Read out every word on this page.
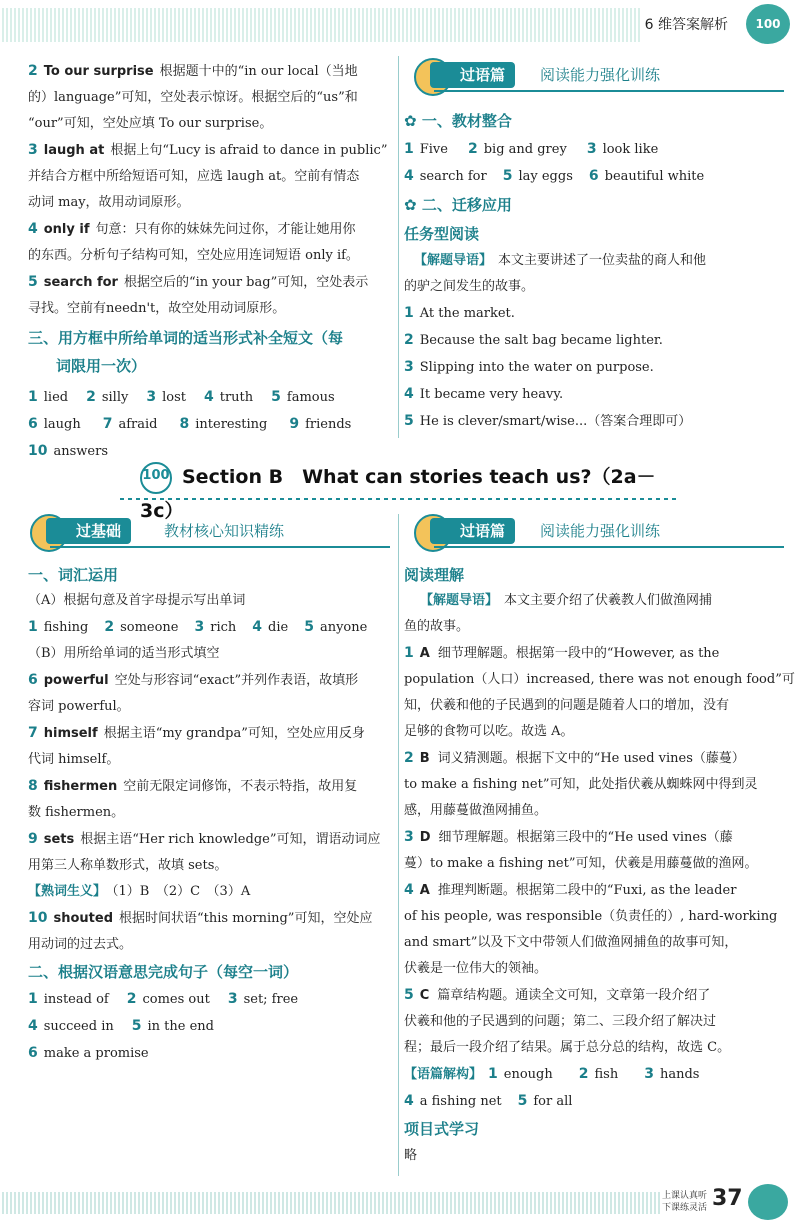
6 维答案解析	100
2 To our surprise 根据题十中的“in our local（当地
的）language”可知，空处表示惊讶。根据空后的“us”和
“our”可知，空处应填 To our surprise。
3 laugh at 根据上句“Lucy is afraid to dance in public”
并结合方框中所给短语可知，应选 laugh at。空前有情态
动词 may，故用动词原形。
4 only if 句意：只有你的妹妹先问过你，才能让她用你
的东西。分析句子结构可知，空处应用连词短语 only if。
5 search for 根据空后的“in your bag”可知，空处表示
寻找。空前有needn't，故空处用动词原形。
三、用方框中所给单词的适当形式补全短文（每
词限用一次）
1 lied 2 silly 3 lost 4 truth 5 famous
6 laugh 7 afraid 8 interesting 9 friends
10 answers
过语篇	阅读能力强化训练
✿ 一、教材整合
1 Five 2 big and grey 3 look like
4 search for 5 lay eggs 6 beautiful white
✿ 二、迁移应用
任务型阅读
【解题导语】 本文主要讲述了一位卖盐的商人和他
的驴之间发生的故事。
1 At the market.
2 Because the salt bag became lighter.
3 Slipping into the water on purpose.
4 It became very heavy.
5 He is clever/smart/wise...（答案合理即可）
100 Section B　What can stories teach us?（2a－3c）
过基础	教材核心知识精练
一、词汇运用
（A）根据句意及首字母提示写出单词
1 fishing 2 someone 3 rich 4 die 5 anyone
（B）用所给单词的适当形式填空
6 powerful 空处与形容词“exact”并列作表语，故填形
容词 powerful。
7 himself 根据主语“my grandpa”可知，空处应用反身
代词 himself。
8 fishermen 空前无限定词修饰，不表示特指，故用复
数 fishermen。
9 sets 根据主语“Her rich knowledge”可知，谓语动词应
用第三人称单数形式，故填 sets。
【熟词生义】 （1）B　（2）C　（3）A
10 shouted 根据时间状语“this morning”可知，空处应
用动词的过去式。
二、根据汉语意思完成句子（每空一词）
1 instead of 2 comes out 3 set; free
4 succeed in 5 in the end
6 make a promise
过语篇	阅读能力强化训练
阅读理解
【解题导语】 本文主要介绍了伏羲教人们做渔网捕
鱼的故事。
1 A 细节理解题。根据第一段中的“However, as the
population（人口）increased, there was not enough food”可
知，伏羲和他的子民遇到的问题是随着人口的增加，没有
足够的食物可以吃。故选 A。
2 B 词义猜测题。根据下文中的“He used vines（藤蔓）
to make a fishing net”可知，此处指伏羲从蜘蛛网中得到灵
感，用藤蔓做渔网捕鱼。
3 D 细节理解题。根据第三段中的“He used vines（藤
蔓）to make a fishing net”可知，伏羲是用藤蔓做的渔网。
4 A 推理判断题。根据第二段中的“Fuxi, as the leader
of his people, was responsible（负责任的）, hard-working
and smart”以及下文中带领人们做渔网捕鱼的故事可知，
伏羲是一位伟大的领袖。
5 C 篇章结构题。通读全文可知，文章第一段介绍了
伏羲和他的子民遇到的问题；第二、三段介绍了解决过
程；最后一段介绍了结果。属于总分总的结构，故选 C。
【语篇解构】 1 enough 2 fish 3 hands
4 a fishing net 5 for all
项目式学习
略
上课认真听
下课练灵活 37
